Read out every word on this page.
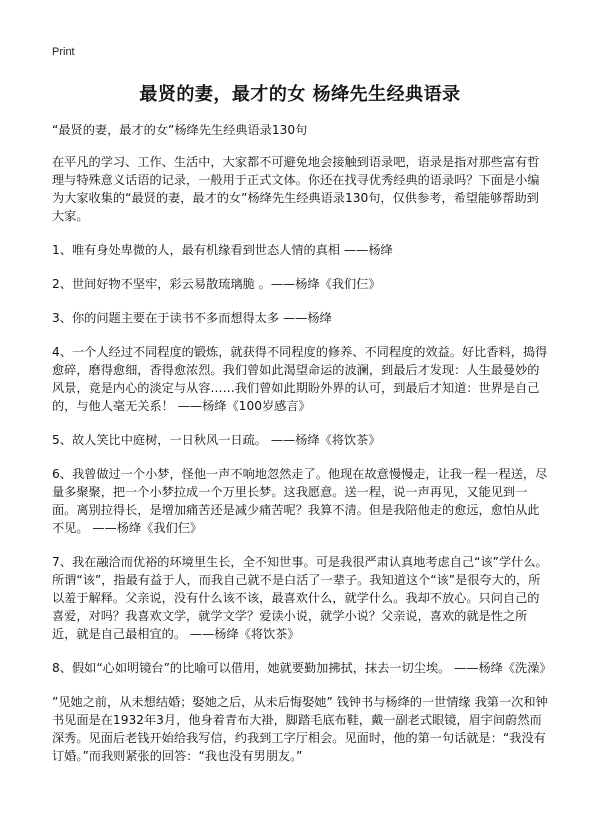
Print
最贤的妻，最才的女 杨绛先生经典语录

“最贤的妻，最才的女”杨绛先生经典语录130句

在平凡的学习、工作、生活中，大家都不可避免地会接触到语录吧，语录是指对那些富有哲理与特殊意义话语的记录，一般用于正式文体。你还在找寻优秀经典的语录吗？下面是小编为大家收集的“最贤的妻，最才的女”杨绛先生经典语录130句，仅供参考，希望能够帮助到大家。

1、唯有身处卑微的人，最有机缘看到世态人情的真相 ——杨绛

2、世间好物不坚牢，彩云易散琉璃脆 。——杨绛《我们仨》

3、你的问题主要在于读书不多而想得太多 ——杨绛

4、一个人经过不同程度的锻炼，就获得不同程度的修养、不同程度的效益。好比香料，捣得愈碎，磨得愈细，香得愈浓烈。我们曾如此渴望命运的波澜，到最后才发现：人生最曼妙的风景，竟是内心的淡定与从容……我们曾如此期盼外界的认可，到最后才知道：世界是自己的，与他人毫无关系！ ——杨绛《100岁感言》

5、故人笑比中庭树，一日秋风一日疏。 ——杨绛《将饮茶》

6、我曾做过一个小梦，怪他一声不响地忽然走了。他现在故意慢慢走，让我一程一程送，尽量多聚聚，把一个小梦拉成一个万里长梦。这我愿意。送一程，说一声再见，又能见到一面。离别拉得长，是增加痛苦还是减少痛苦呢？我算不清。但是我陪他走的愈远，愈怕从此不见。 ——杨绛《我们仨》

7、我在融洽而优裕的环境里生长，全不知世事。可是我很严肃认真地考虑自己“该”学什么。所谓“该”，指最有益于人，而我自己就不是白活了一辈子。我知道这个“该”是很夸大的，所以羞于解释。父亲说，没有什么该不该，最喜欢什么，就学什么。我却不放心。只问自己的喜爱，对吗？我喜欢文学，就学文学？爱读小说，就学小说？父亲说，喜欢的就是性之所近，就是自己最相宜的。 ——杨绛《将饮茶》

8、假如“心如明镜台”的比喻可以借用，她就要勤加拂拭，抹去一切尘埃。 ——杨绛《洗澡》

”见她之前，从未想结婚；娶她之后，从未后悔娶她” 钱钟书与杨绛的一世情缘 我第一次和钟书见面是在1932年3月，他身着青布大褂，脚踏毛底布鞋，戴一副老式眼镜，眉宇间蔚然而深秀。见面后老钱开始给我写信，约我到工字厅相会。见面时，他的第一句话就是：“我没有订婚。”而我则紧张的回答：“我也没有男朋友。”
